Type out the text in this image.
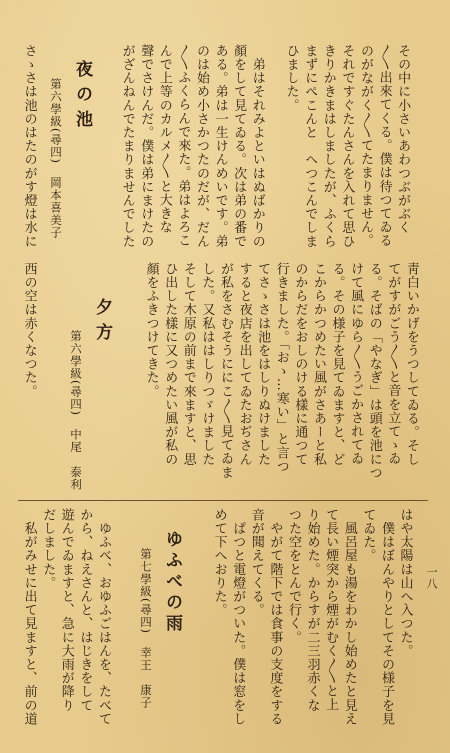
一八
その中に小さいあわつぶがぶく
〳〵出來てくる。僕は待つてゐる
のがながく〳〵てたまりません。
それですぐたんさんを入れて思ひ
きりかきまはしましたが、ふくら
まずにぺこんと　へつこんでしま
ひました。
　弟はそれみよといはぬばかりの
顏をして見てゐる。次は弟の番で
ある。弟は一生けんめいです。弟
のは始め小さかつたのだが、だん
〳〵ふくらんで來た。弟はよろこ
んで上等のカルメ〳〵と大きな
聲でさけんだ。僕は弟にまけたの
がざんねんでたまりませんでした
夜の池
第六學級(尋四)　岡本喜美子
さゝさは池のはたのがす燈は水に
靑白いかげをうつしてゐる。そし
てがすがごう〳〵と音を立てゝゐ
る。そばの「やなぎ」は頭を池につ
けて風にゆら〳〵うごかされてゐ
る。その様子を見てゐますと、ど
こからかつめたい風がさあーと私
のからだをおしのける樣に通つて
行きました。「おゝ…寒い」と言つ
てさゝさは池をはしりぬけました
すると夜店を出してゐたおぢさん
が私をさむそうににこ〳〵見てゐま
した。又私ははしりつゞけました
そして木原の前まで來ますと、思
ひ出した樣に又つめたい風が私の
顏をふきつけてきた。
夕方
第六學級(尋四)　中尾　泰利
西の空は赤くなつた。
はや太陽は山へ入つた。
　僕はぼんやりとしてその様子を見
てゐた。
　風呂屋も湯をわかし始めたと見え
て長い煙突から煙がむく〳〵と上
り始めた。からすが二三羽赤くな
つた空をとんで行く。
　やがて階下では食事の支度をする
音が聞えてくる。
　ぱつと電燈がついた。僕は窓をし
めて下へおりた。
ゆふべの雨
第七學級(尋四)　幸王　康子
　ゆふべ、おゆふごはんを、たべて
から、ねえさんと、はじきをして
遊んでゐますと、急に大雨が降り
だしました。
　私がみせに出て見ますと、前の道
